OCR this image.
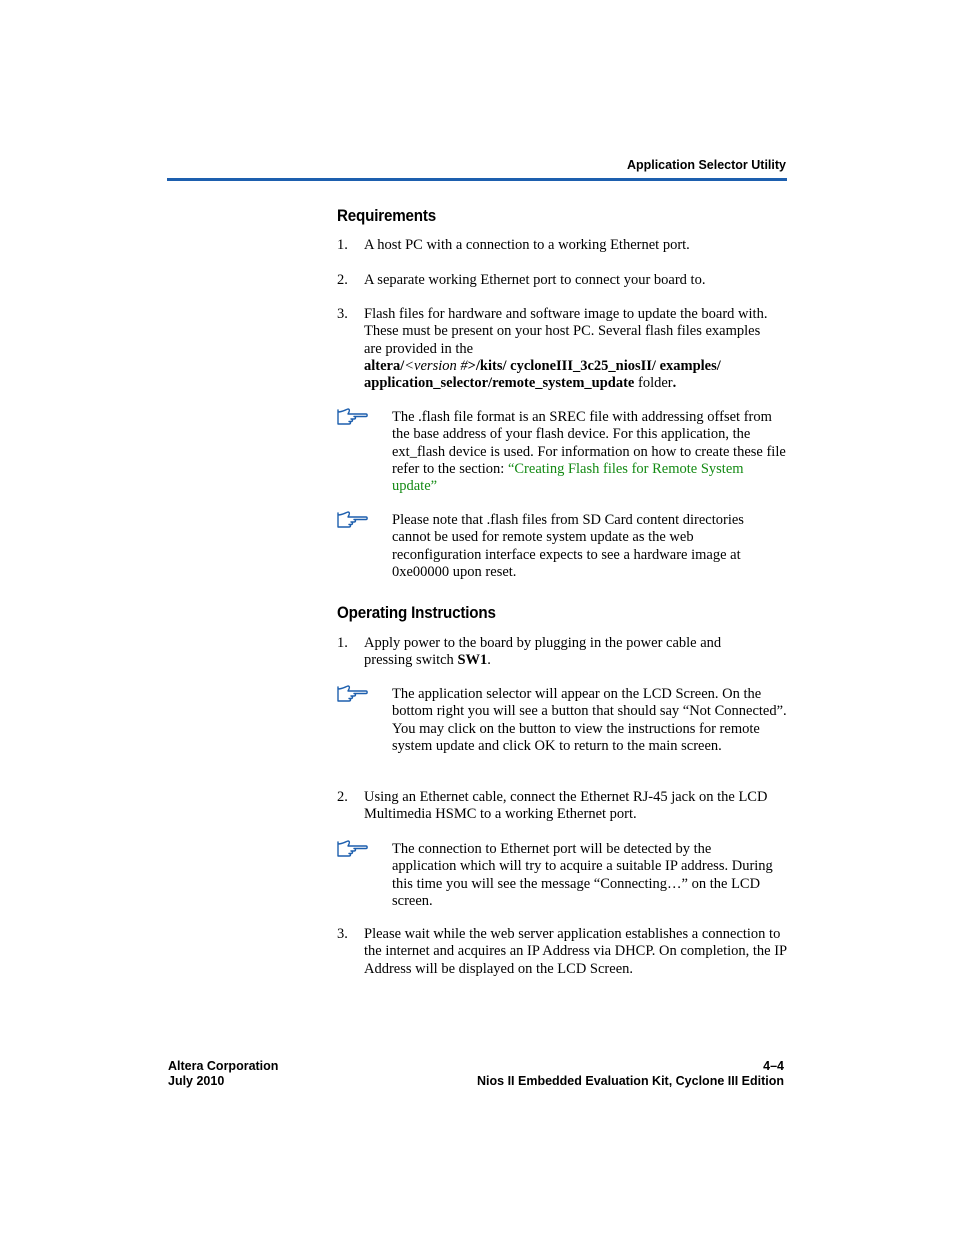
Application Selector Utility
Requirements
1. A host PC with a connection to a working Ethernet port.
2. A separate working Ethernet port to connect your board to.
3. Flash files for hardware and software image to update the board with. These must be present on your host PC. Several flash files examples are provided in the
altera/<version #>/kits/ cycloneIII_3c25_niosII/ examples/ application_selector/remote_system_update folder.
The .flash file format is an SREC file with addressing offset from the base address of your flash device. For this application, the ext_flash device is used. For information on how to create these file refer to the section: “Creating Flash files for Remote System update”
Please note that .flash files from SD Card content directories cannot be used for remote system update as the web reconfiguration interface expects to see a hardware image at 0xe00000 upon reset.
Operating Instructions
1. Apply power to the board by plugging in the power cable and pressing switch SW1.
The application selector will appear on the LCD Screen. On the bottom right you will see a button that should say “Not Connected”. You may click on the button to view the instructions for remote system update and click OK to return to the main screen.
2. Using an Ethernet cable, connect the Ethernet RJ-45 jack on the LCD Multimedia HSMC to a working Ethernet port.
The connection to Ethernet port will be detected by the application which will try to acquire a suitable IP address. During this time you will see the message “Connecting…” on the LCD screen.
3. Please wait while the web server application establishes a connection to the internet and acquires an IP Address via DHCP. On completion, the IP Address will be displayed on the LCD Screen.
Altera Corporation
July 2010
4–4
Nios II Embedded Evaluation Kit, Cyclone III Edition
